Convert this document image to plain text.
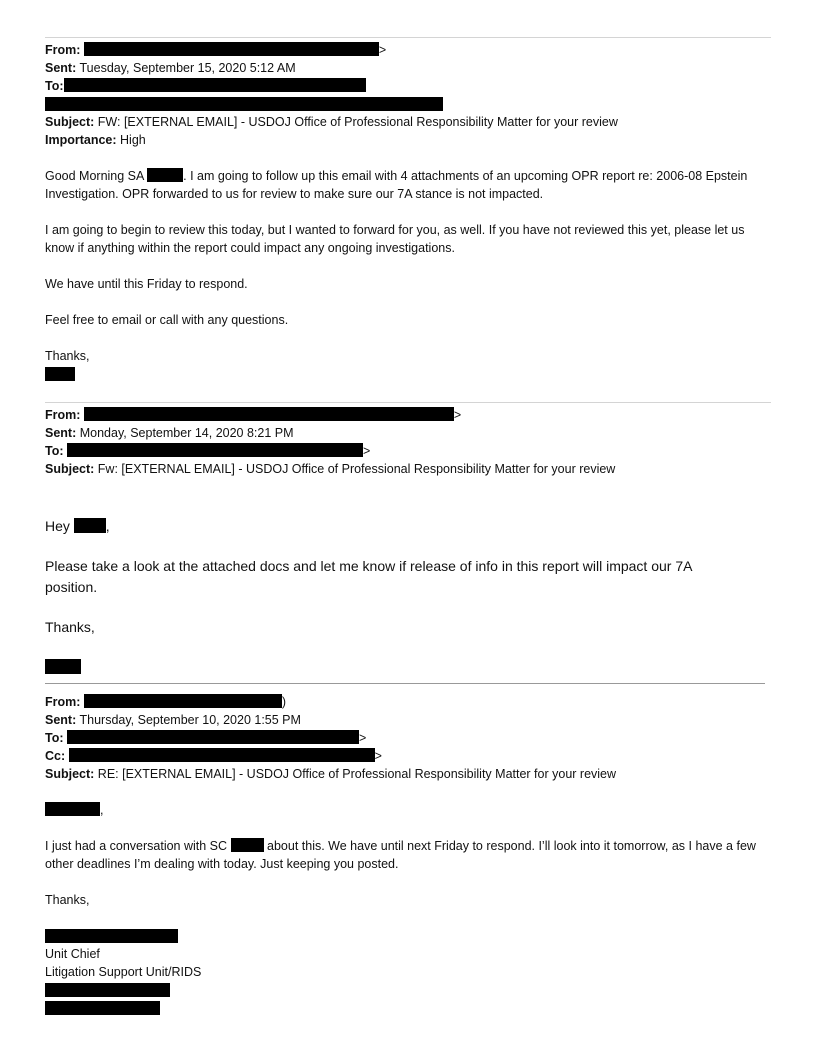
From:	>
Sent: Tuesday, September 15, 2020 5:12 AM
To:
Subject: FW: [EXTERNAL EMAIL] - USDOJ Office of Professional Responsibility Matter for your review
Importance: High
Good Morning SA	. I am going to follow up this email with 4 attachments of an upcoming OPR report re: 2006-08 Epstein Investigation. OPR forwarded to us for review to make sure our 7A stance is not impacted.
I am going to begin to review this today, but I wanted to forward for you, as well. If you have not reviewed this yet, please let us know if anything within the report could impact any ongoing investigations.
We have until this Friday to respond.
Feel free to email or call with any questions.
Thanks,
From:	>
Sent: Monday, September 14, 2020 8:21 PM
To:	>
Subject: Fw: [EXTERNAL EMAIL] - USDOJ Office of Professional Responsibility Matter for your review
Hey	,
Please take a look at the attached docs and let me know if release of info in this report will impact our 7A position.
Thanks,
From:	)
Sent: Thursday, September 10, 2020 1:55 PM
To:	>
Cc:	>
Subject: RE: [EXTERNAL EMAIL] - USDOJ Office of Professional Responsibility Matter for your review
,
I just had a conversation with SC	about this. We have until next Friday to respond. I’ll look into it tomorrow, as I have a few other deadlines I’m dealing with today. Just keeping you posted.
Thanks,
Unit Chief
Litigation Support Unit/RIDS
